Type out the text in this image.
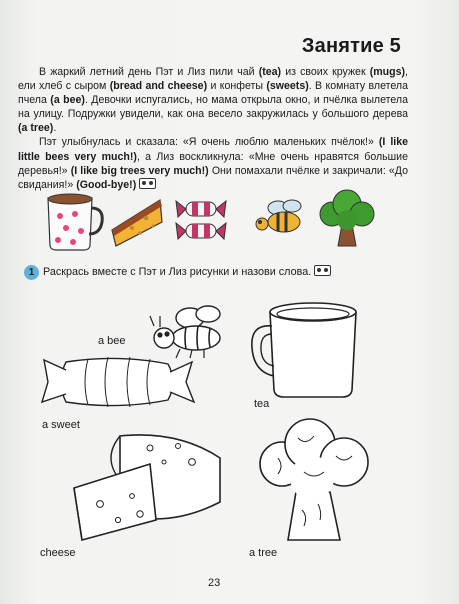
Занятие 5

В жаркий летний день Пэт и Лиз пили чай (tea) из своих кружек (mugs), ели хлеб с сыром (bread and cheese) и конфеты (sweets). В комнату влетела пчела (a bee). Девочки испугались, но мама открыла окно, и пчёлка вылетела на улицу. Подружки увидели, как она весело закружилась у большого дерева (a tree).

Пэт улыбнулась и сказала: «Я очень люблю маленьких пчёлок!» (I like little bees very much!), а Лиз воскликнула: «Мне очень нравятся большие деревья!» (I like big trees very much!) Они помахали пчёлке и закричали: «До свидания!» (Good-bye!)

1 Раскрась вместе с Пэт и Лиз рисунки и назови слова.
a bee
a sweet
tea
cheese	a tree
23
